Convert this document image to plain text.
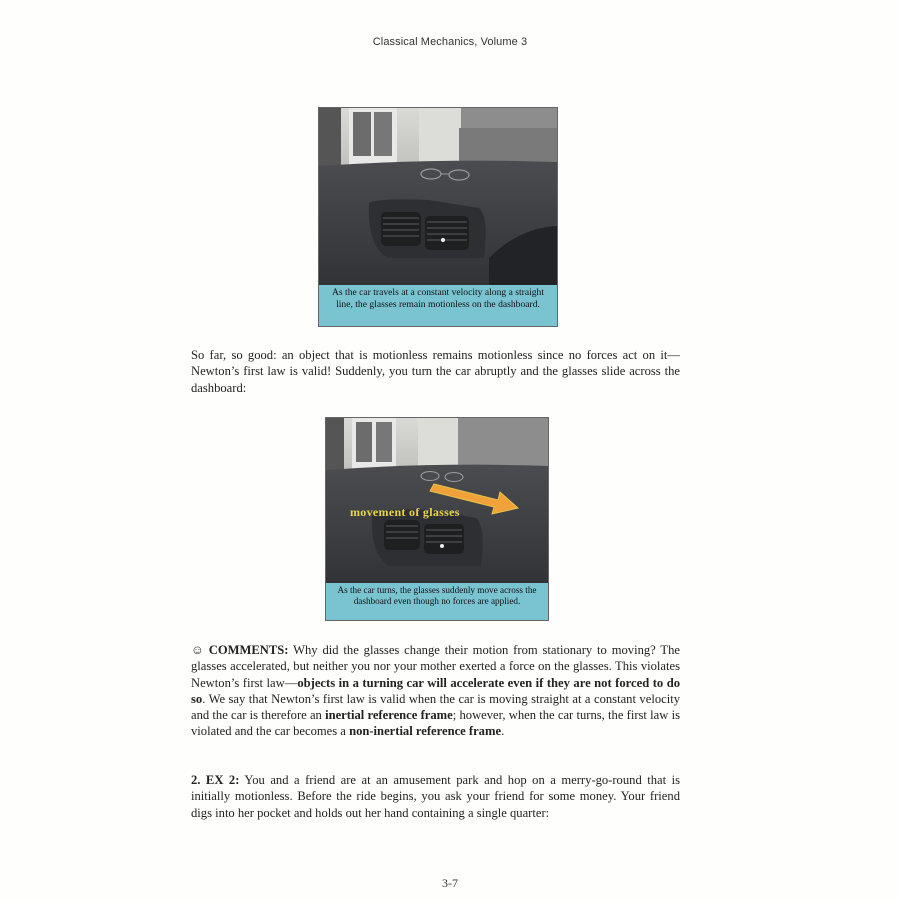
Classical Mechanics, Volume 3
As the car travels at a constant velocity along a straight line, the glasses remain motionless on the dashboard.
So far, so good: an object that is motionless remains motionless since no forces act on it—Newton’s first law is valid! Suddenly, you turn the car abruptly and the glasses slide across the dashboard:
movement of glasses
As the car turns, the glasses suddenly move across the dashboard even though no forces are applied.
☺ COMMENTS: Why did the glasses change their motion from stationary to moving? The glasses accelerated, but neither you nor your mother exerted a force on the glasses. This violates Newton’s first law—objects in a turning car will accelerate even if they are not forced to do so. We say that Newton’s first law is valid when the car is moving straight at a constant velocity and the car is therefore an inertial reference frame; however, when the car turns, the first law is violated and the car becomes a non-inertial reference frame.
2. EX 2: You and a friend are at an amusement park and hop on a merry-go-round that is initially motionless. Before the ride begins, you ask your friend for some money. Your friend digs into her pocket and holds out her hand containing a single quarter:
3-7
